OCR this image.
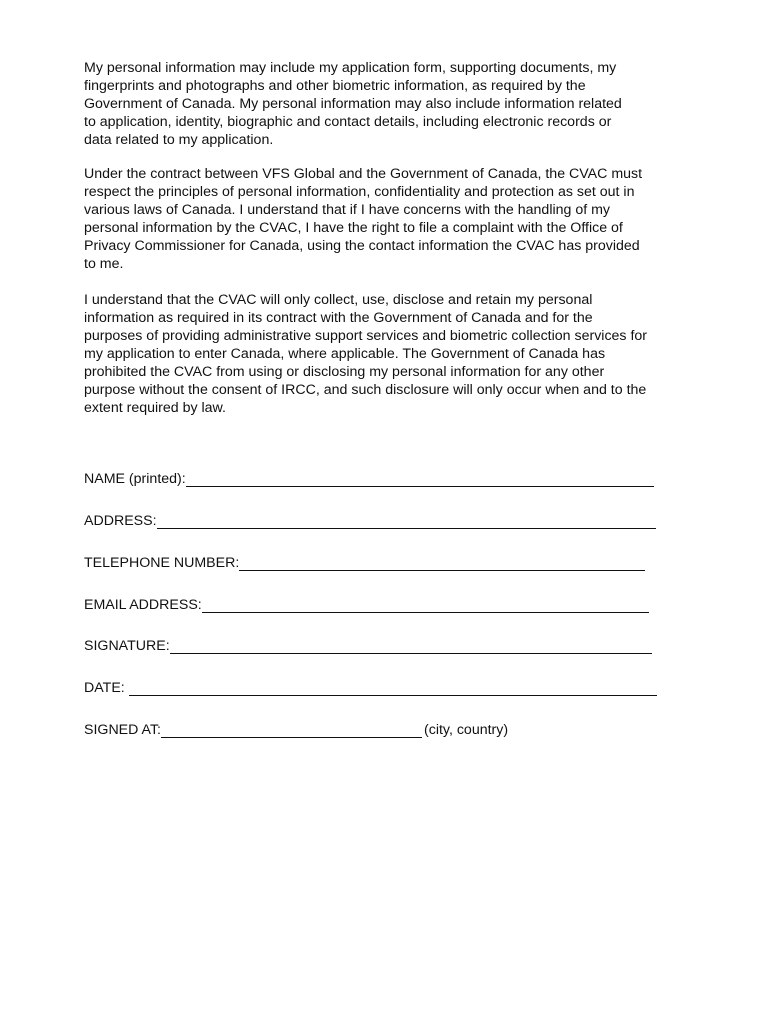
My personal information may include my application form, supporting documents, my
fingerprints and photographs and other biometric information, as required by the
Government of Canada. My personal information may also include information related
to application, identity, biographic and contact details, including electronic records or
data related to my application.

Under the contract between VFS Global and the Government of Canada, the CVAC must
respect the principles of personal information, confidentiality and protection as set out in
various laws of Canada. I understand that if I have concerns with the handling of my
personal information by the CVAC, I have the right to file a complaint with the Office of
Privacy Commissioner for Canada, using the contact information the CVAC has provided
to me.

I understand that the CVAC will only collect, use, disclose and retain my personal
information as required in its contract with the Government of Canada and for the
purposes of providing administrative support services and biometric collection services for
my application to enter Canada, where applicable. The Government of Canada has
prohibited the CVAC from using or disclosing my personal information for any other
purpose without the consent of IRCC, and such disclosure will only occur when and to the
extent required by law.

NAME (printed):
ADDRESS:
TELEPHONE NUMBER:
EMAIL ADDRESS:
SIGNATURE:
DATE:
SIGNED AT:	(city, country)
